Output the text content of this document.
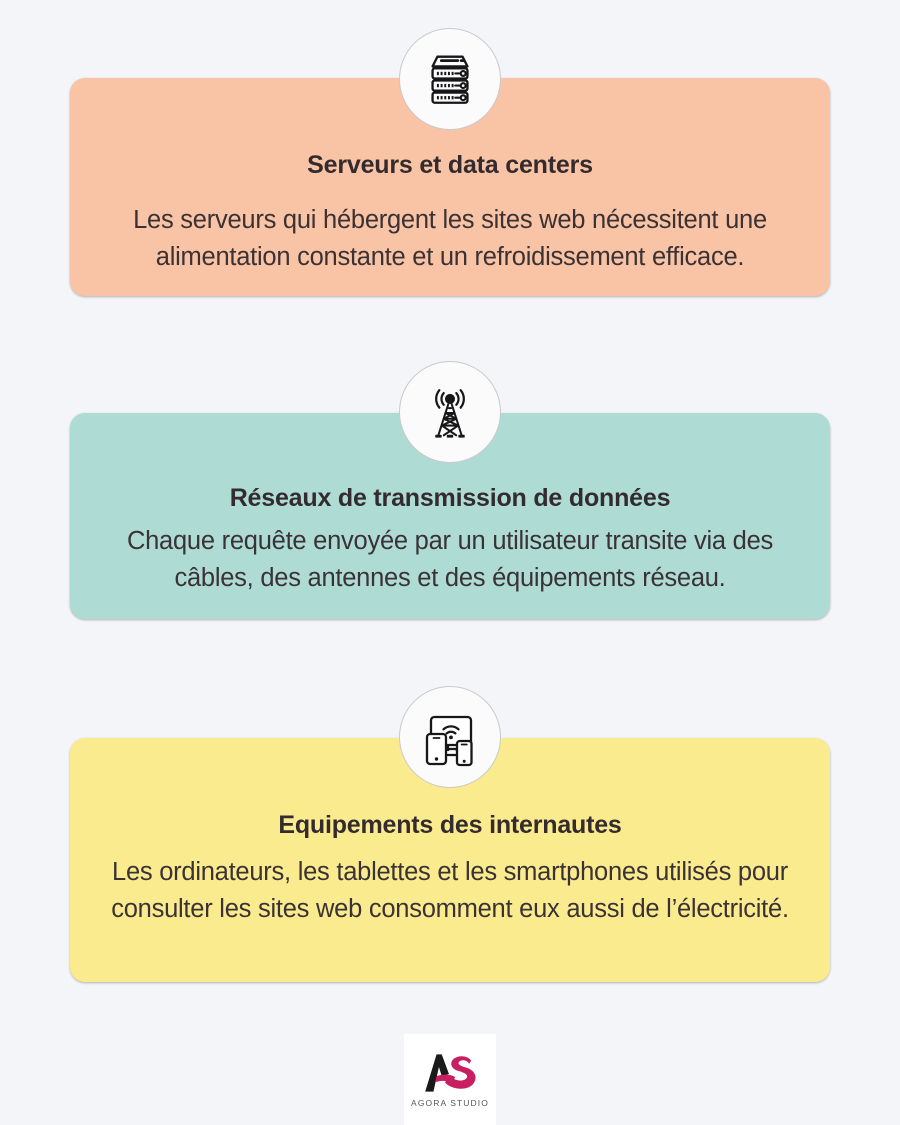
Serveurs et data centers
Les serveurs qui hébergent les sites web nécessitent une alimentation constante et un refroidissement efficace.
Réseaux de transmission de données
Chaque requête envoyée par un utilisateur transite via des câbles, des antennes et des équipements réseau.
Equipements des internautes
Les ordinateurs, les tablettes et les smartphones utilisés pour consulter les sites web consomment eux aussi de l’électricité.
AGORA STUDIO
